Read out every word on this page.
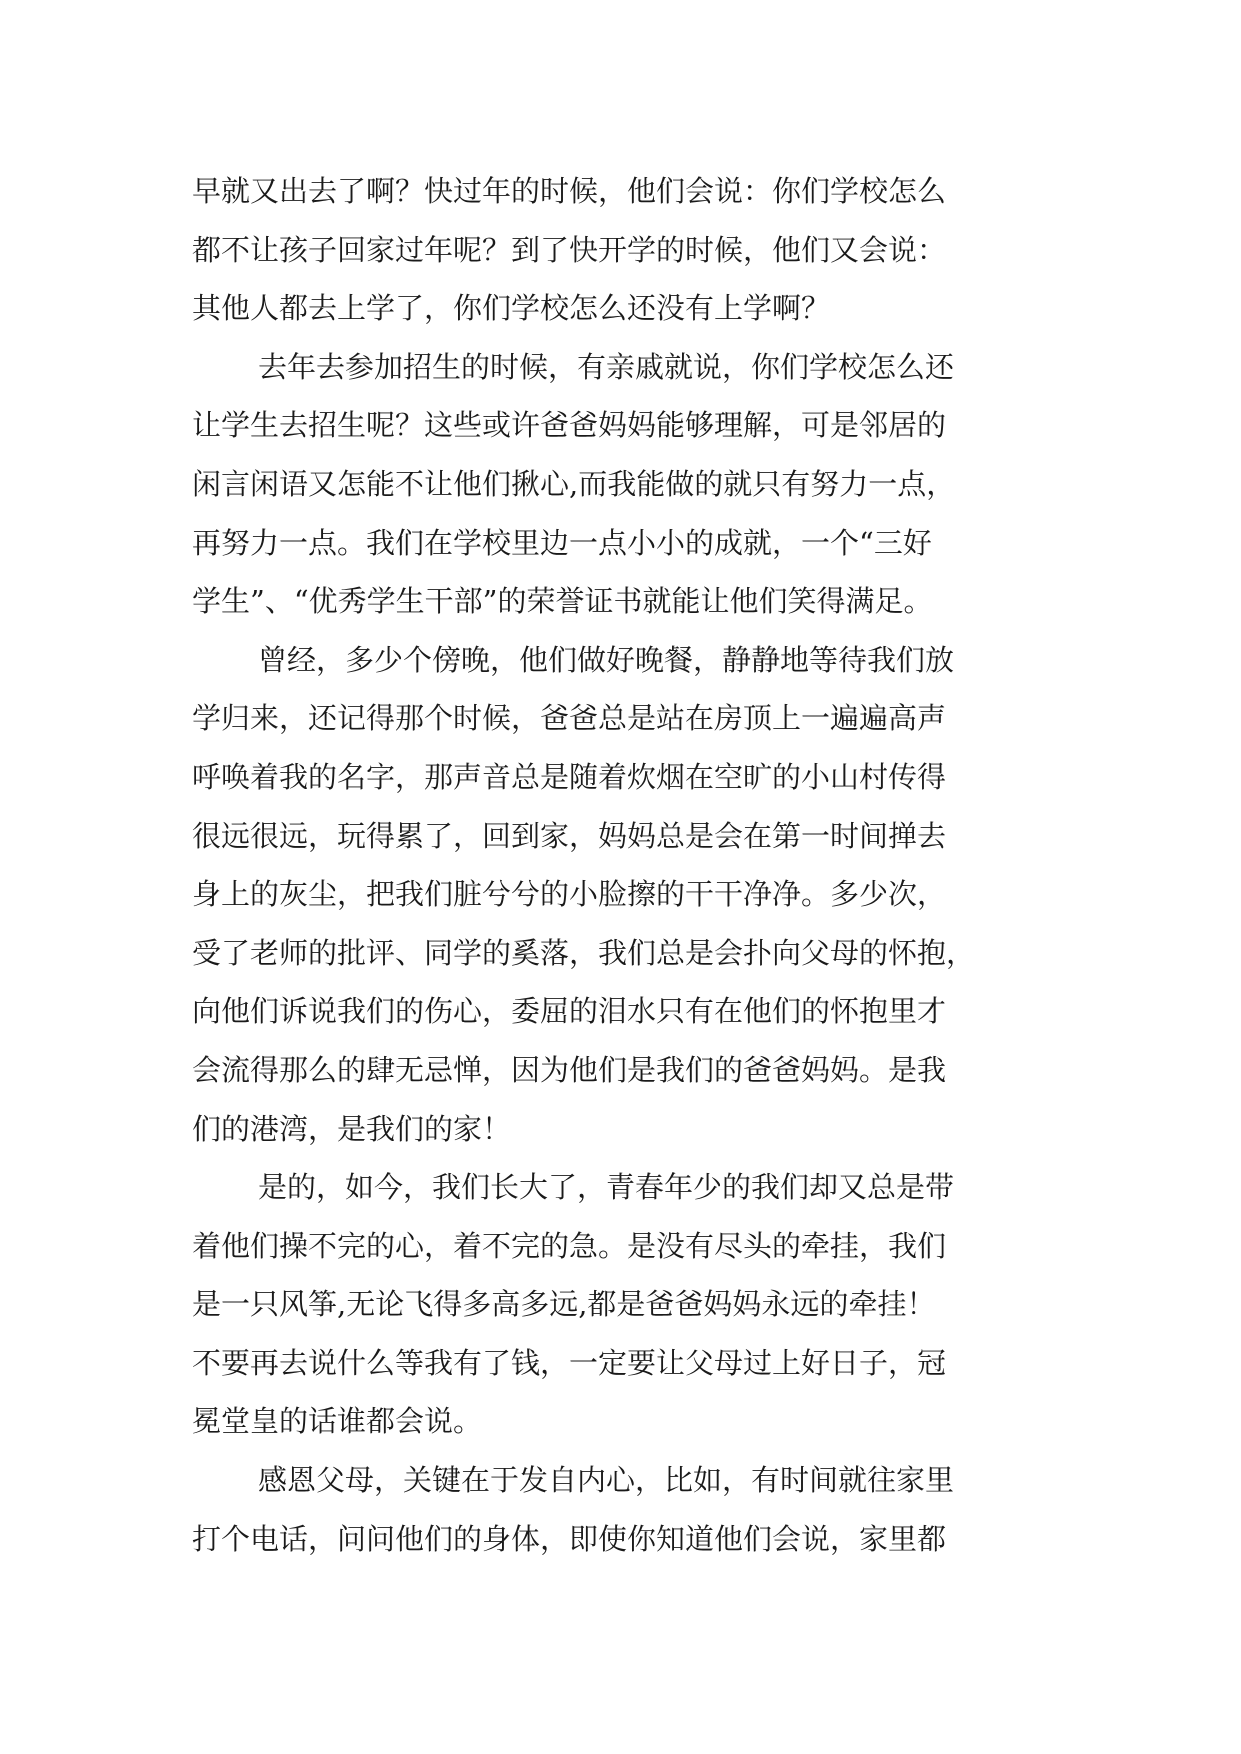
早就又出去了啊？快过年的时候，他们会说：你们学校怎么
都不让孩子回家过年呢？到了快开学的时候，他们又会说：
其他人都去上学了，你们学校怎么还没有上学啊？
去年去参加招生的时候，有亲戚就说，你们学校怎么还
让学生去招生呢？这些或许爸爸妈妈能够理解，可是邻居的
闲言闲语又怎能不让他们揪心,而我能做的就只有努力一点，
再努力一点。我们在学校里边一点小小的成就，一个“三好
学生”、“优秀学生干部”的荣誉证书就能让他们笑得满足。
曾经，多少个傍晚，他们做好晚餐，静静地等待我们放
学归来，还记得那个时候，爸爸总是站在房顶上一遍遍高声
呼唤着我的名字，那声音总是随着炊烟在空旷的小山村传得
很远很远，玩得累了，回到家，妈妈总是会在第一时间掸去
身上的灰尘，把我们脏兮兮的小脸擦的干干净净。多少次，
受了老师的批评、同学的奚落，我们总是会扑向父母的怀抱，
向他们诉说我们的伤心，委屈的泪水只有在他们的怀抱里才
会流得那么的肆无忌惮，因为他们是我们的爸爸妈妈。是我
们的港湾，是我们的家！
是的，如今，我们长大了，青春年少的我们却又总是带
着他们操不完的心，着不完的急。是没有尽头的牵挂，我们
是一只风筝,无论飞得多高多远,都是爸爸妈妈永远的牵挂！
不要再去说什么等我有了钱，一定要让父母过上好日子，冠
冕堂皇的话谁都会说。
感恩父母，关键在于发自内心，比如，有时间就往家里
打个电话，问问他们的身体，即使你知道他们会说，家里都
